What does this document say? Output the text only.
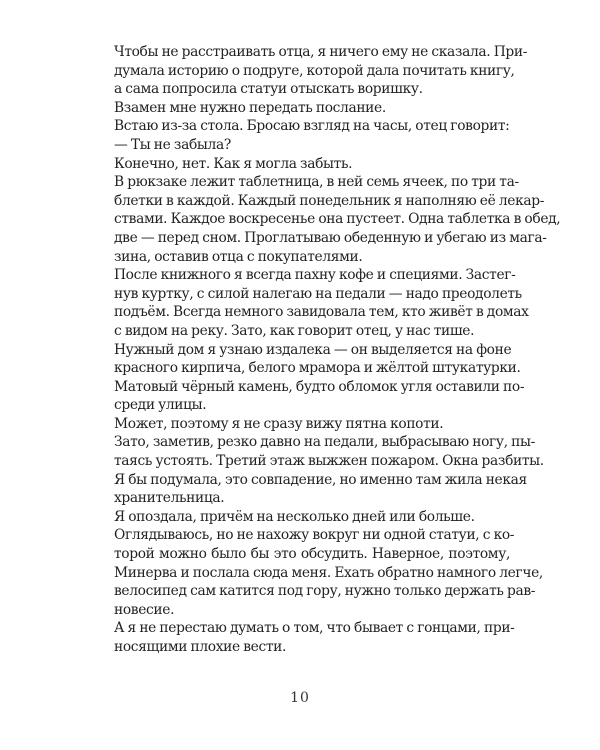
Чтобы не расстраивать отца, я ничего ему не сказала. При-
думала историю о подруге, которой дала почитать книгу,
а сама попросила статуи отыскать воришку.

Взамен мне нужно передать послание.

Встаю из-за стола. Бросаю взгляд на часы, отец говорит:

— Ты не забыла?

Конечно, нет. Как я могла забыть.

В рюкзаке лежит таблетница, в ней семь ячеек, по три та-
блетки в каждой. Каждый понедельник я наполняю её лекар-
ствами. Каждое воскресенье она пустеет. Одна таблетка в обед,
две — перед сном. Проглатываю обеденную и убегаю из мага-
зина, оставив отца с покупателями.

После книжного я всегда пахну кофе и специями. Застег-
нув куртку, с силой налегаю на педали — надо преодолеть
подъём. Всегда немного завидовала тем, кто живёт в домах
с видом на реку. Зато, как говорит отец, у нас тише.

Нужный дом я узнаю издалека — он выделяется на фоне
красного кирпича, белого мрамора и жёлтой штукатурки.
Матовый чёрный камень, будто обломок угля оставили по-
среди улицы.

Может, поэтому я не сразу вижу пятна копоти.

Зато, заметив, резко давно на педали, выбрасываю ногу, пы-
таясь устоять. Третий этаж выжжен пожаром. Окна разбиты.
Я бы подумала, это совпадение, но именно там жила некая
хранительница.

Я опоздала, причём на несколько дней или больше.

Оглядываюсь, но не нахожу вокруг ни одной статуи, с ко-
торой можно было бы это обсудить. Наверное, поэтому,
Минерва и послала сюда меня. Ехать обратно намного легче,
велосипед сам катится под гору, нужно только держать рав-
новесие.

А я не перестаю думать о том, что бывает с гонцами, при-
носящими плохие вести.

10
